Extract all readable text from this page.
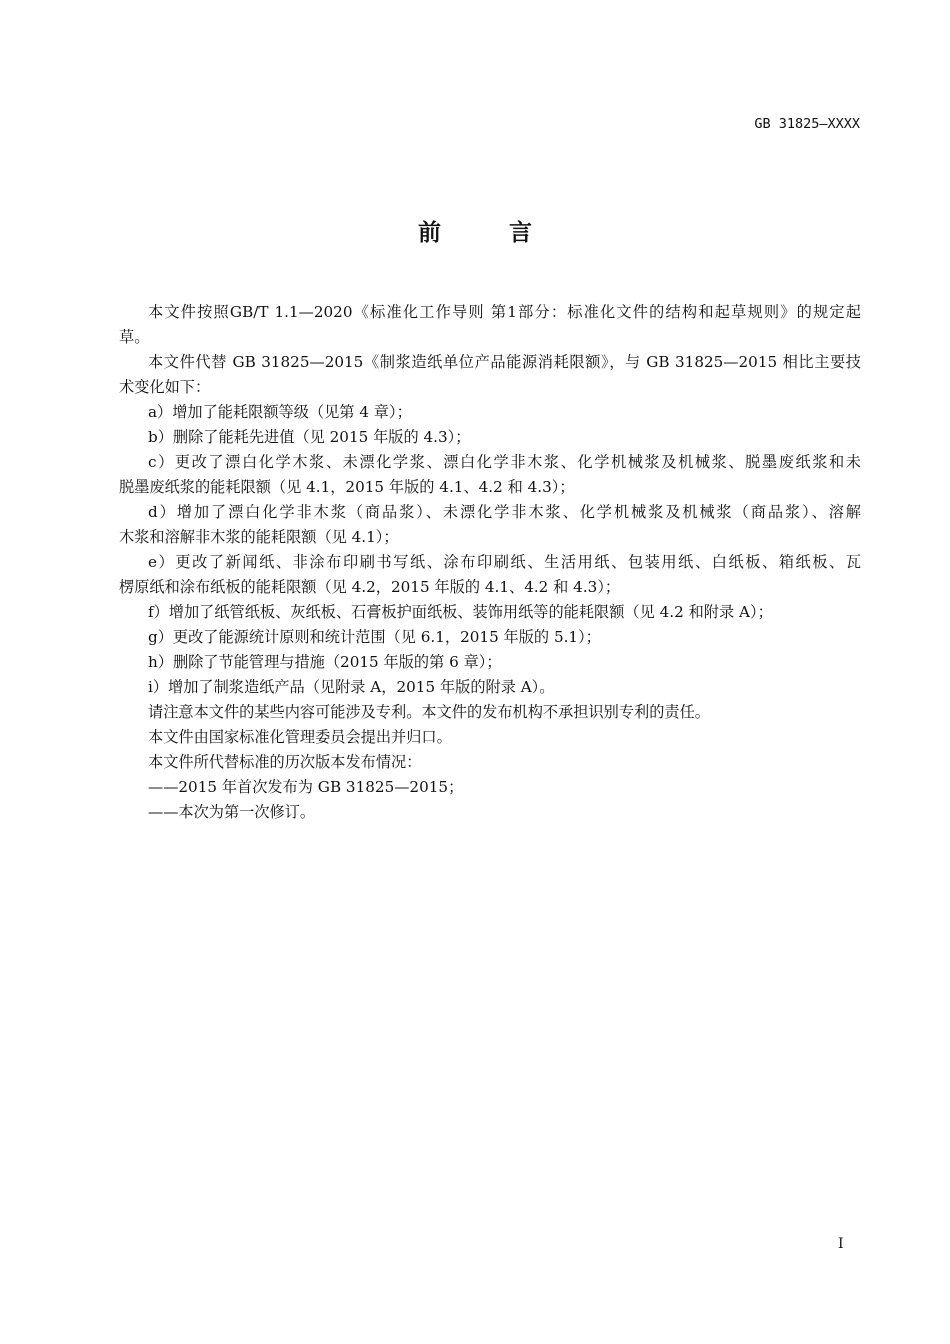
GB 31825—XXXX
前言
本文件按照GB/T 1.1—2020《标准化工作导则 第1部分：标准化文件的结构和起草规则》的规定起
草。
本文件代替 GB 31825—2015《制浆造纸单位产品能源消耗限额》，与 GB 31825—2015 相比主要技
术变化如下：
a）增加了能耗限额等级（见第 4 章）；
b）删除了能耗先进值（见 2015 年版的 4.3）；
c）更改了漂白化学木浆、未漂化学浆、漂白化学非木浆、化学机械浆及机械浆、脱墨废纸浆和未
脱墨废纸浆的能耗限额（见 4.1，2015 年版的 4.1、4.2 和 4.3）；
d）增加了漂白化学非木浆（商品浆）、未漂化学非木浆、化学机械浆及机械浆（商品浆）、溶解
木浆和溶解非木浆的能耗限额（见 4.1）；
e）更改了新闻纸、非涂布印刷书写纸、涂布印刷纸、生活用纸、包装用纸、白纸板、箱纸板、瓦
楞原纸和涂布纸板的能耗限额（见 4.2，2015 年版的 4.1、4.2 和 4.3）；
f）增加了纸管纸板、灰纸板、石膏板护面纸板、装饰用纸等的能耗限额（见 4.2 和附录 A）；
g）更改了能源统计原则和统计范围（见 6.1，2015 年版的 5.1）；
h）删除了节能管理与措施（2015 年版的第 6 章）；
i）增加了制浆造纸产品（见附录 A，2015 年版的附录 A）。
请注意本文件的某些内容可能涉及专利。本文件的发布机构不承担识别专利的责任。
本文件由国家标准化管理委员会提出并归口。
本文件所代替标准的历次版本发布情况：
——2015 年首次发布为 GB 31825—2015；
——本次为第一次修订。
I
